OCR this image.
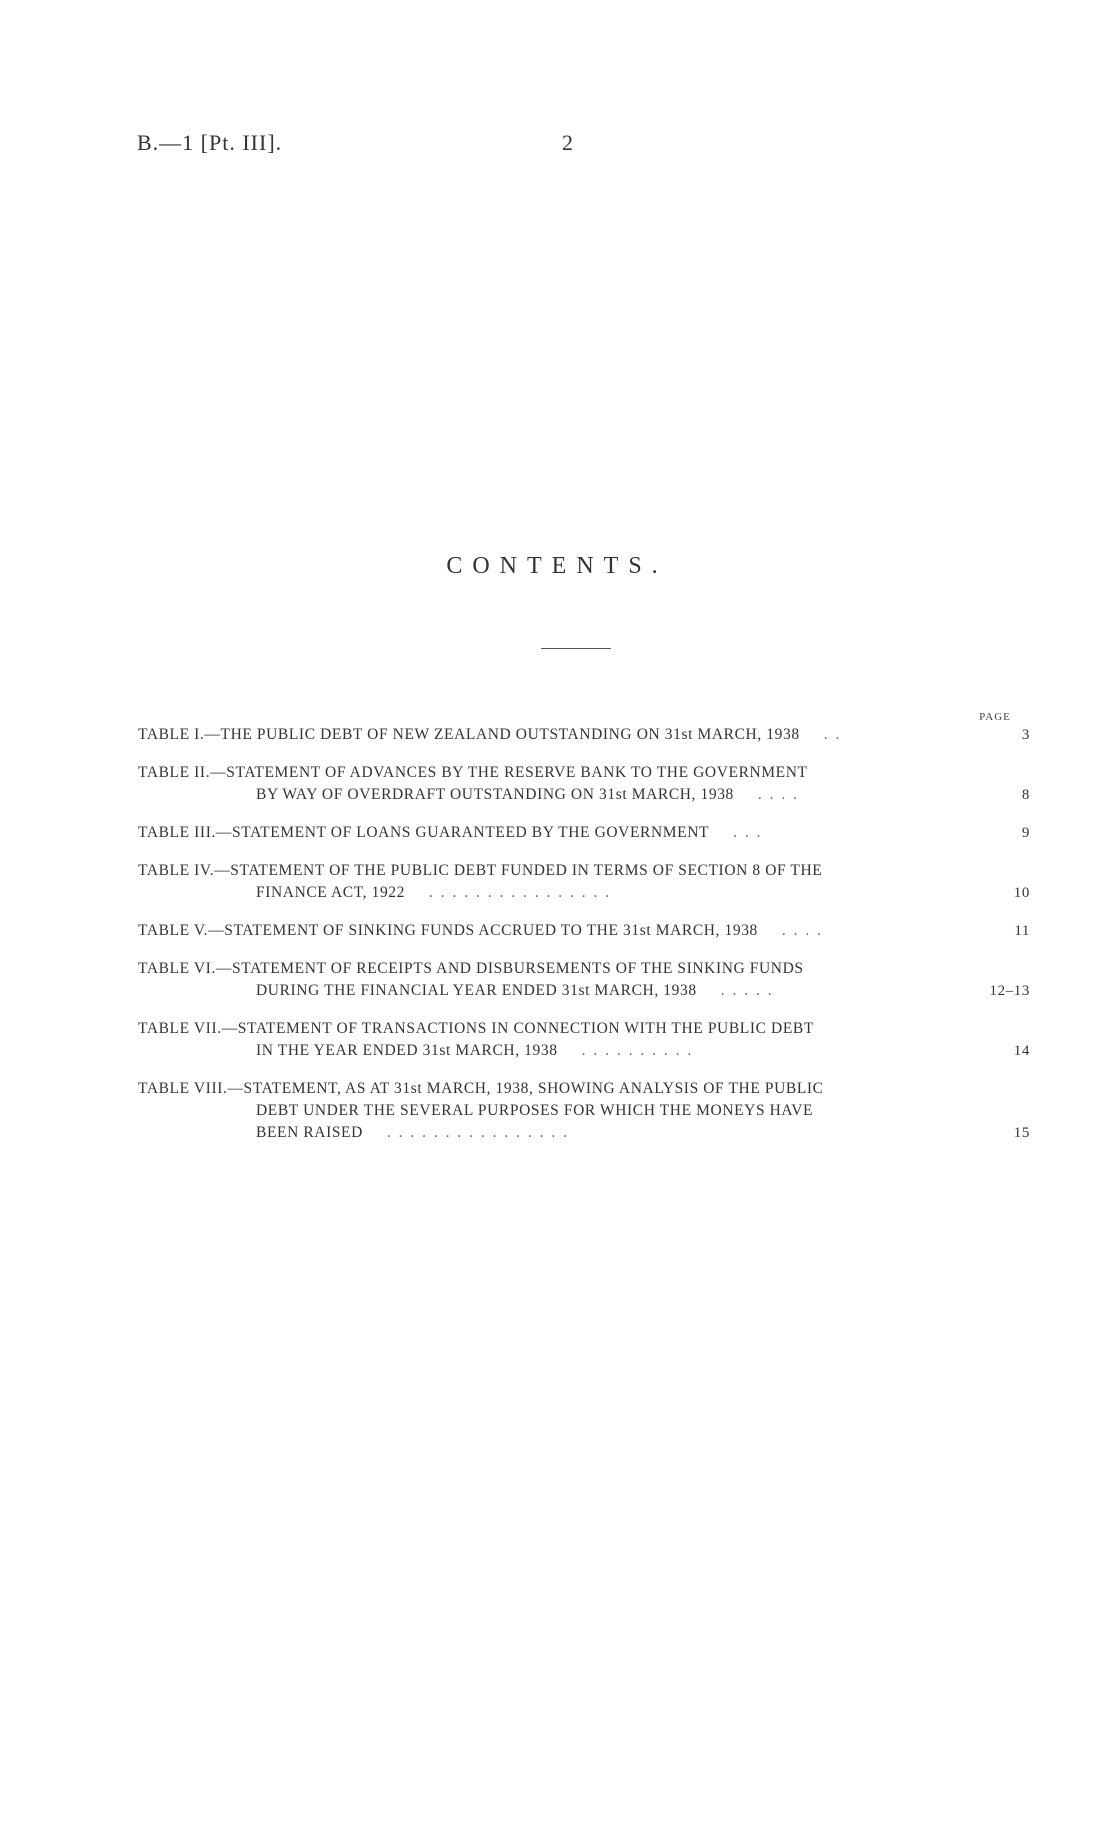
B.—1 [Pt. III].	2
CONTENTS.
PAGE
TABLE I.—THE PUBLIC DEBT OF NEW ZEALAND OUTSTANDING ON 31st MARCH, 1938 . .	3
TABLE II.—STATEMENT OF ADVANCES BY THE RESERVE BANK TO THE GOVERNMENT
BY WAY OF OVERDRAFT OUTSTANDING ON 31st MARCH, 1938 . . . .	8
TABLE III.—STATEMENT OF LOANS GUARANTEED BY THE GOVERNMENT . . .	9
TABLE IV.—STATEMENT OF THE PUBLIC DEBT FUNDED IN TERMS OF SECTION 8 OF THE
FINANCE ACT, 1922 . . . . . . . . . . . . . . . .	10
TABLE V.—STATEMENT OF SINKING FUNDS ACCRUED TO THE 31st MARCH, 1938 . . . .	11
TABLE VI.—STATEMENT OF RECEIPTS AND DISBURSEMENTS OF THE SINKING FUNDS
DURING THE FINANCIAL YEAR ENDED 31st MARCH, 1938 . . . . .	12–13
TABLE VII.—STATEMENT OF TRANSACTIONS IN CONNECTION WITH THE PUBLIC DEBT
IN THE YEAR ENDED 31st MARCH, 1938 . . . . . . . . . .	14
TABLE VIII.—STATEMENT, AS AT 31st MARCH, 1938, SHOWING ANALYSIS OF THE PUBLIC
DEBT UNDER THE SEVERAL PURPOSES FOR WHICH THE MONEYS HAVE
BEEN RAISED . . . . . . . . . . . . . . . .	15
